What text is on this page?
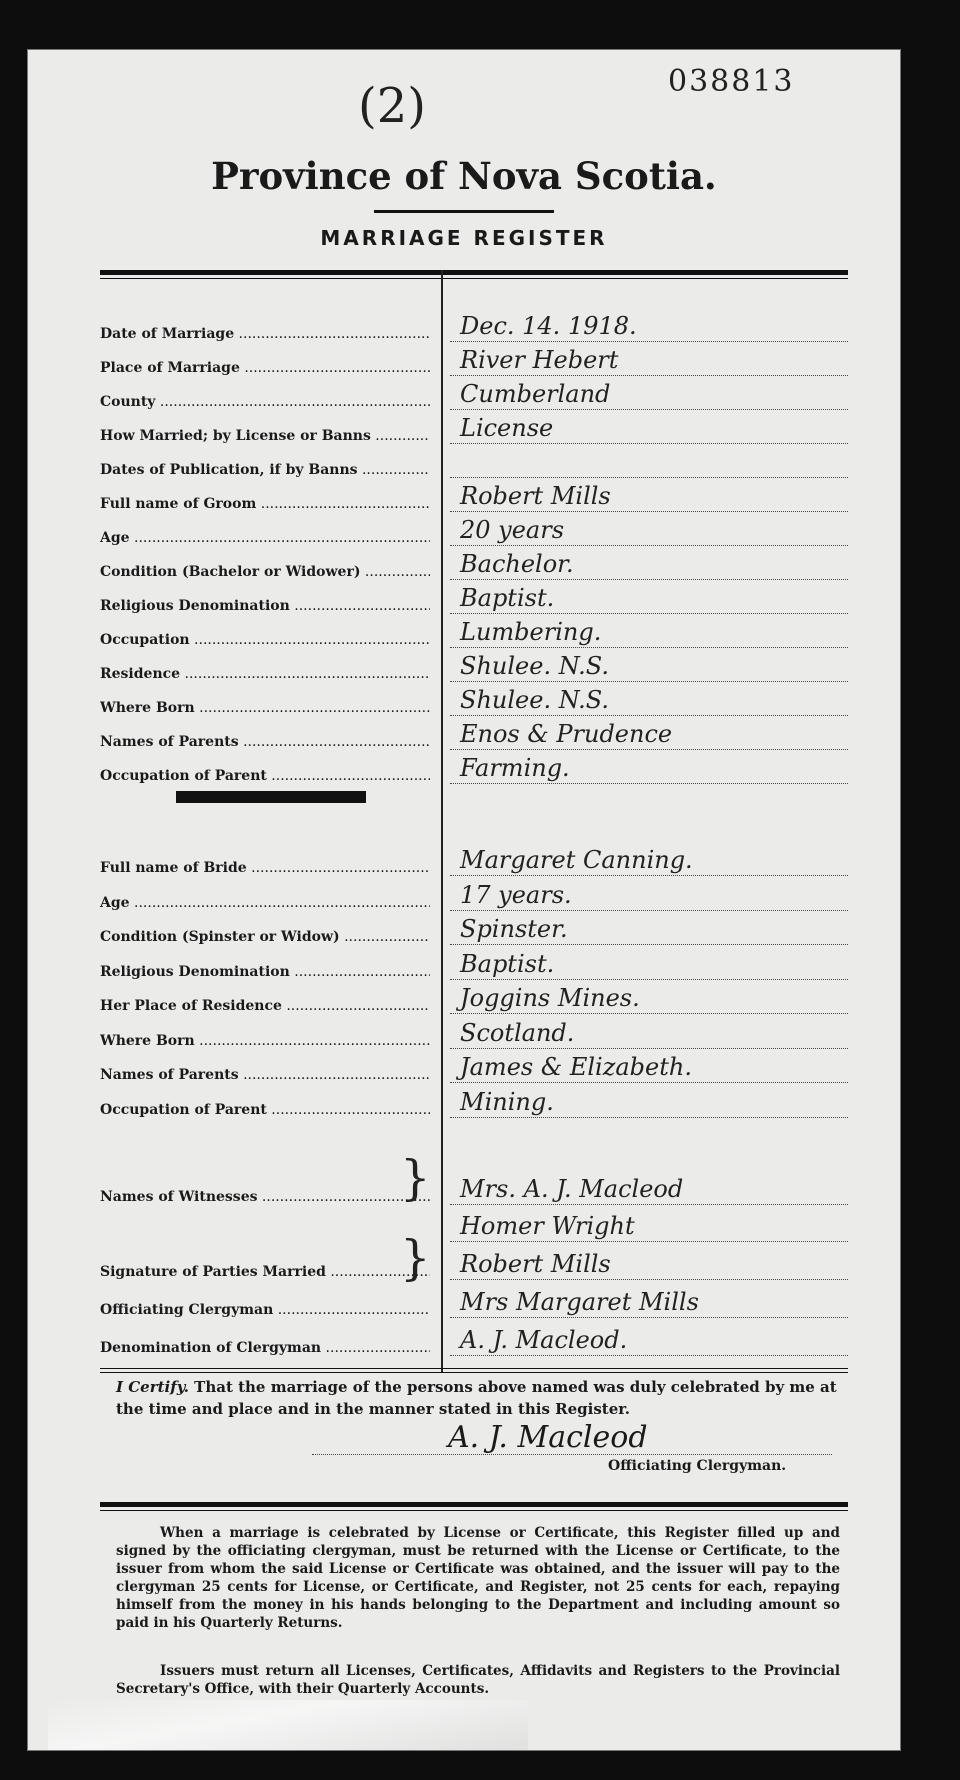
038813
(2)
Province of Nova Scotia.
MARRIAGE REGISTER
Date of Marriage .....	Dec. 14. 1918.
Place of Marriage .....	River Hebert
County .....	Cumberland
How Married; by License or Banns .....	License
Dates of Publication, if by Banns .....
Full name of Groom .....	Robert Mills
Age .....	20 years
Condition (Bachelor or Widower) .....	Bachelor.
Religious Denomination .....	Baptist.
Occupation .....	Lumbering.
Residence .....	Shulee. N.S.
Where Born .....	Shulee. N.S.
Names of Parents .....	Enos & Prudence
Occupation of Parent .....	Farming.
Full name of Bride .....	Margaret Canning.
Age .....	17 years.
Condition (Spinster or Widow) .....	Spinster.
Religious Denomination .....	Baptist.
Her Place of Residence .....	Joggins Mines.
Where Born .....	Scotland.
Names of Parents .....	James & Elizabeth.
Occupation of Parent .....	Mining.
Names of Witnesses .....	Mrs. A. J. Macleod
}
Homer Wright
Signature of Parties Married .....	Robert Mills
}
Officiating Clergyman .....	Mrs Margaret Mills
Denomination of Clergyman .....	A. J. Macleod.
I Certify. That the marriage of the persons above named was duly celebrated by me at the time and place and in the manner stated in this Register.
A. J. Macleod
Officiating Clergyman.
When a marriage is celebrated by License or Certificate, this Register filled up and signed by the officiating clergyman, must be returned with the License or Certificate, to the issuer from whom the said License or Certificate was obtained, and the issuer will pay to the clergyman 25 cents for License, or Certificate, and Register, not 25 cents for each, repaying himself from the money in his hands belonging to the Department and including amount so paid in his Quarterly Returns.
Issuers must return all Licenses, Certificates, Affidavits and Registers to the Provincial Secretary's Office, with their Quarterly Accounts.
